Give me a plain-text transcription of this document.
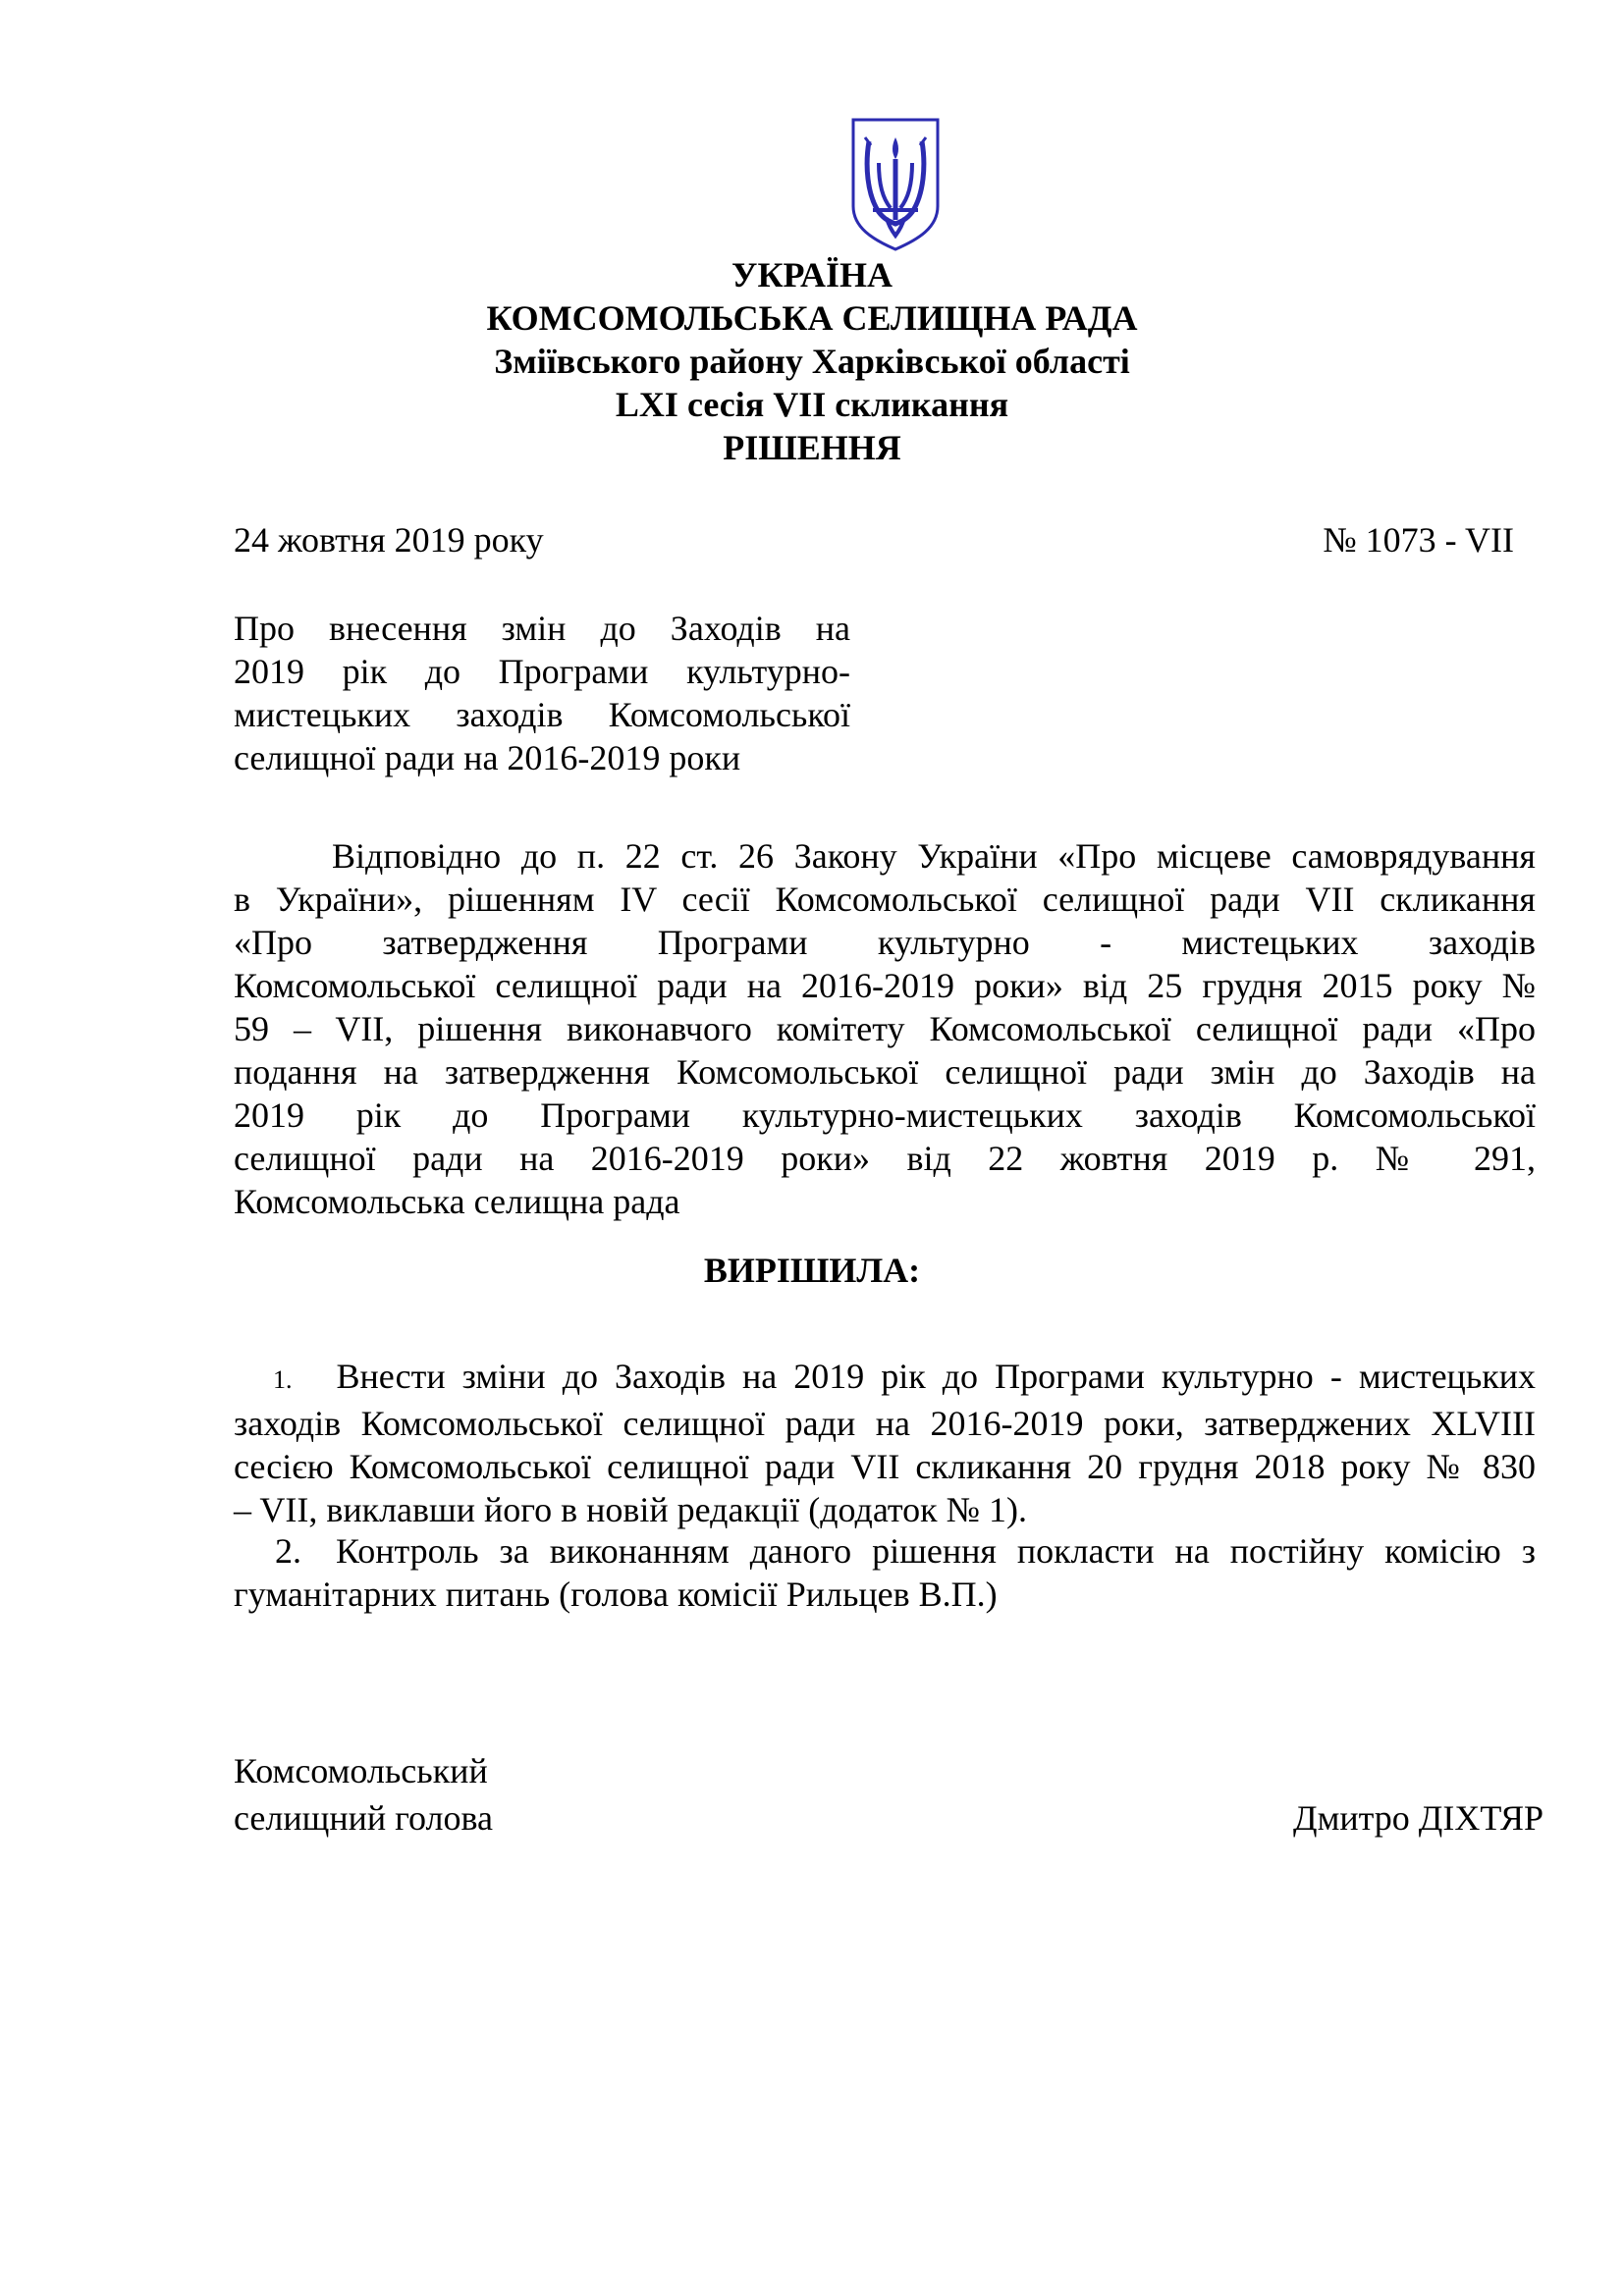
УКРАЇНА
КОМСОМОЛЬСЬКА СЕЛИЩНА РАДА
Зміївського району Харківської області
LXI сесія VII скликання
РІШЕННЯ
24 жовтня 2019 року	№ 1073 - VII
Про внесення змін до Заходів на
2019 рік до Програми культурно-
мистецьких заходів Комсомольської
селищної ради на 2016-2019 роки
Відповідно до п. 22 ст. 26 Закону України «Про місцеве самоврядування
в України», рішенням ІV сесії Комсомольської селищної ради VІІ скликання
«Про затвердження Програми культурно - мистецьких заходів
Комсомольської селищної ради на 2016-2019 роки» від 25 грудня 2015 року №
59 – VІІ, рішення виконавчого комітету Комсомольської селищної ради «Про
подання на затвердження Комсомольської селищної ради змін до Заходів на
2019 рік до Програми культурно-мистецьких заходів Комсомольської
селищної ради на 2016-2019 роки» від 22 жовтня 2019 р. № 291,
Комсомольська селищна рада
ВИРІШИЛА:
1. Внести зміни до Заходів на 2019 рік до Програми культурно - мистецьких
заходів Комсомольської селищної ради на 2016-2019 роки, затверджених XLVIII
сесією Комсомольської селищної ради VII скликання 20 грудня 2018 року № 830
– VII, виклавши його в новій редакції (додаток № 1).
2. Контроль за виконанням даного рішення покласти на постійну комісію з
гуманітарних питань (голова комісії Рильцев В.П.)
Комсомольський
селищний голова	Дмитро ДІХТЯР
